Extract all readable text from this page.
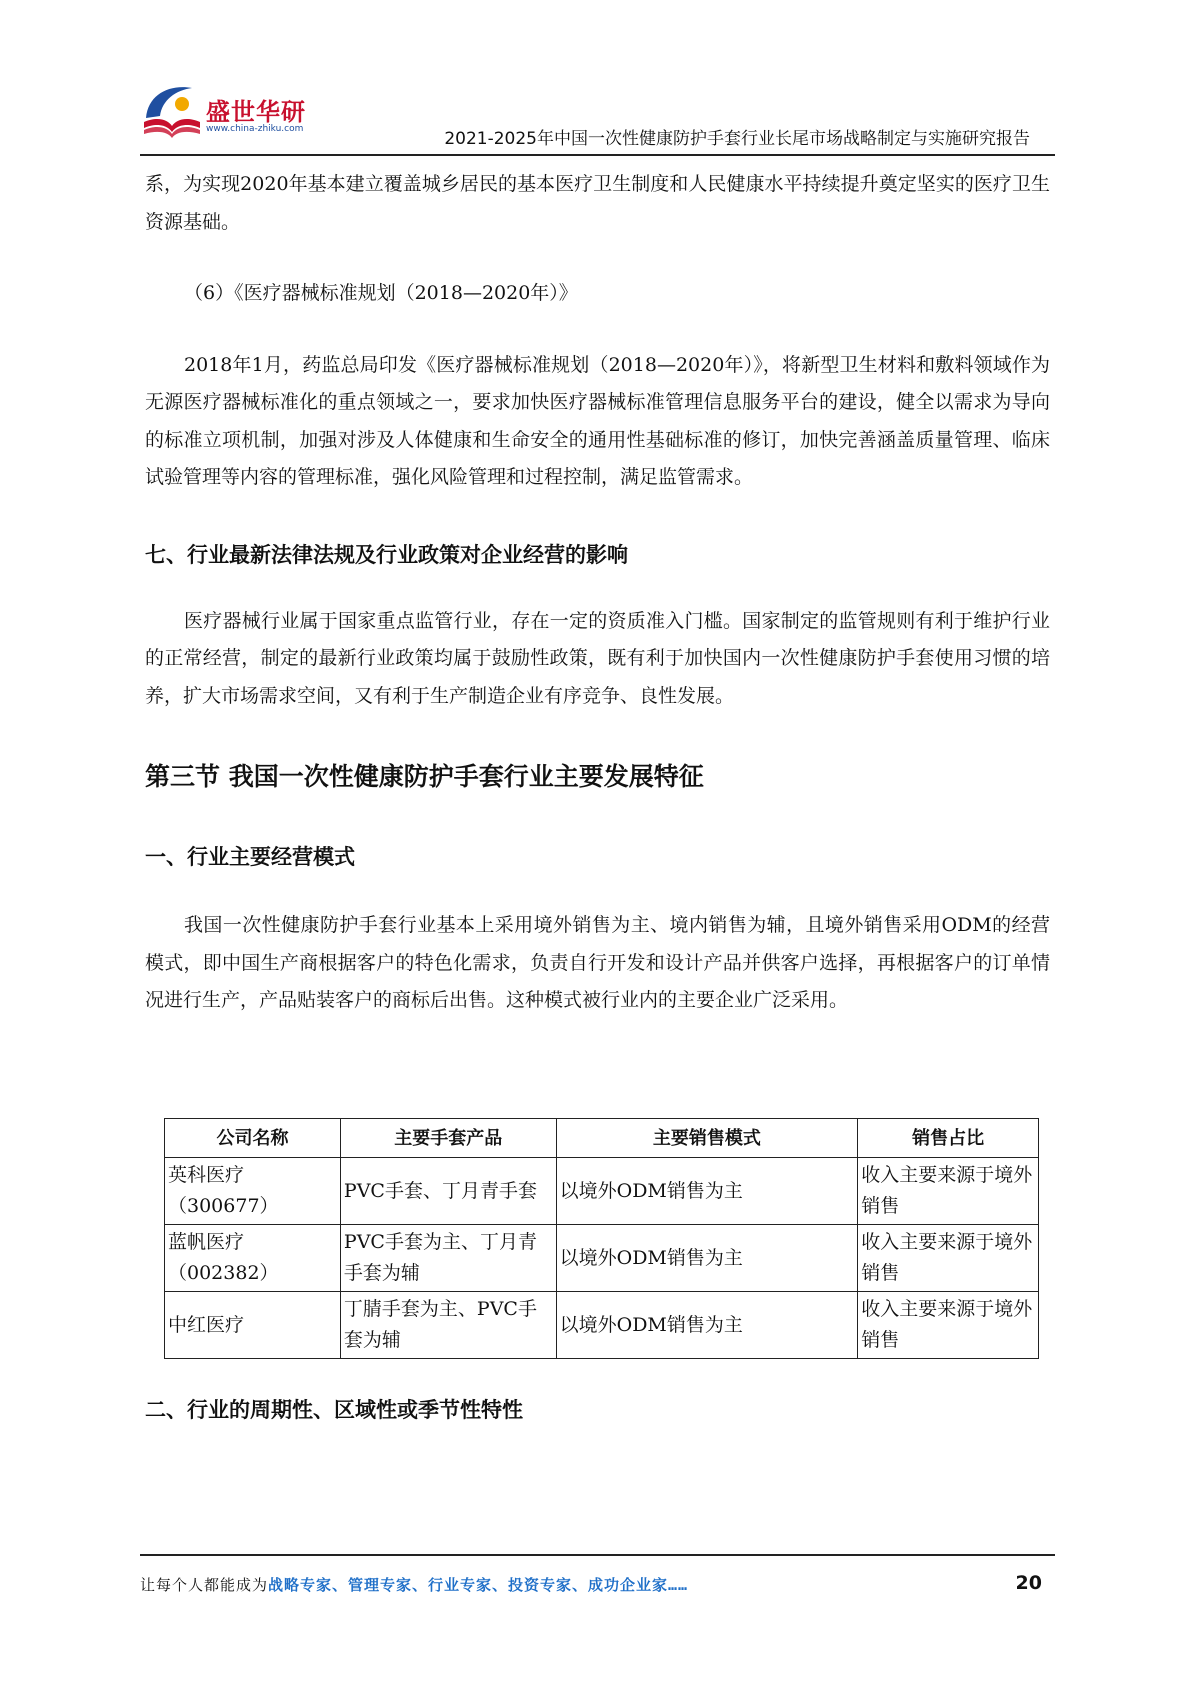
盛世华研
www.china-zhiku.com	2021-2025年中国一次性健康防护手套行业长尾市场战略制定与实施研究报告

系，为实现2020年基本建立覆盖城乡居民的基本医疗卫生制度和人民健康水平持续提升奠定坚实的医疗卫生资源基础。

（6）《医疗器械标准规划（2018—2020年）》

2018年1月，药监总局印发《医疗器械标准规划（2018—2020年）》，将新型卫生材料和敷料领域作为无源医疗器械标准化的重点领域之一，要求加快医疗器械标准管理信息服务平台的建设，健全以需求为导向的标准立项机制，加强对涉及人体健康和生命安全的通用性基础标准的修订，加快完善涵盖质量管理、临床试验管理等内容的管理标准，强化风险管理和过程控制，满足监管需求。

七、行业最新法律法规及行业政策对企业经营的影响

医疗器械行业属于国家重点监管行业，存在一定的资质准入门槛。国家制定的监管规则有利于维护行业的正常经营，制定的最新行业政策均属于鼓励性政策，既有利于加快国内一次性健康防护手套使用习惯的培养，扩大市场需求空间，又有利于生产制造企业有序竞争、良性发展。

第三节 我国一次性健康防护手套行业主要发展特征

一、行业主要经营模式

我国一次性健康防护手套行业基本上采用境外销售为主、境内销售为辅，且境外销售采用ODM的经营模式，即中国生产商根据客户的特色化需求，负责自行开发和设计产品并供客户选择，再根据客户的订单情况进行生产，产品贴装客户的商标后出售。这种模式被行业内的主要企业广泛采用。

公司名称	主要手套产品	主要销售模式	销售占比
英科医疗（300677）	PVC手套、丁月青手套	以境外ODM销售为主	收入主要来源于境外销售
蓝帆医疗（002382）	PVC手套为主、丁月青手套为辅	以境外ODM销售为主	收入主要来源于境外销售
中红医疗	丁腈手套为主、PVC手套为辅	以境外ODM销售为主	收入主要来源于境外销售

二、行业的周期性、区域性或季节性特性

让每个人都能成为战略专家、管理专家、行业专家、投资专家、成功企业家……	20
